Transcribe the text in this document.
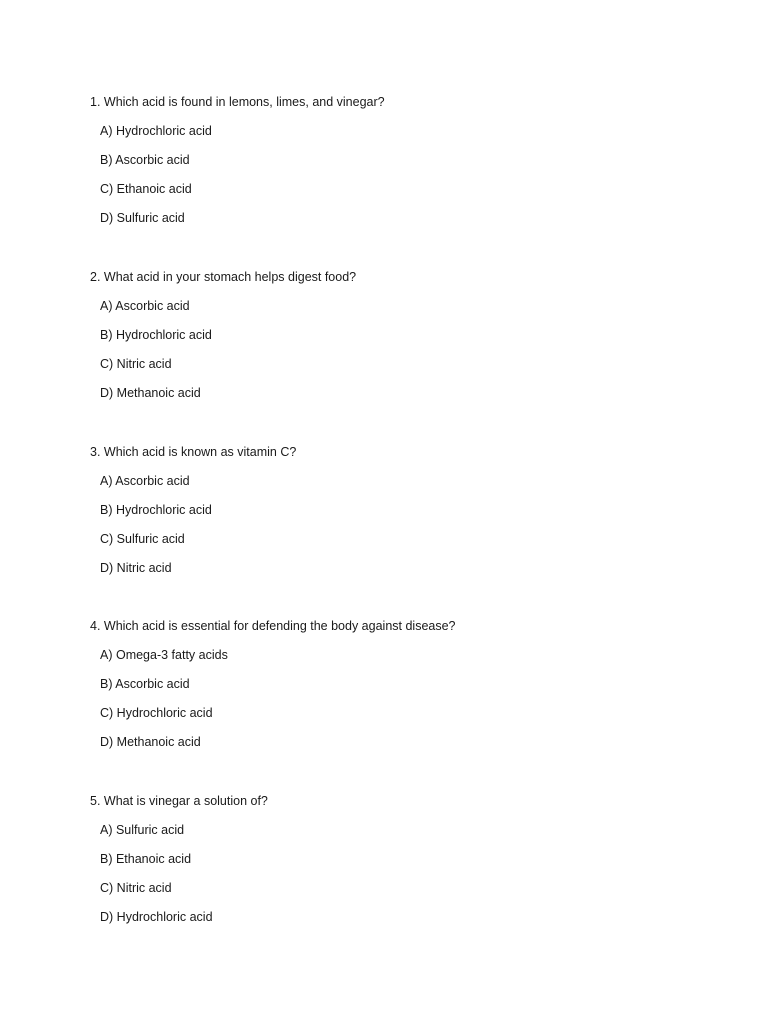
1. Which acid is found in lemons, limes, and vinegar?
A) Hydrochloric acid
B) Ascorbic acid
C) Ethanoic acid
D) Sulfuric acid
2. What acid in your stomach helps digest food?
A) Ascorbic acid
B) Hydrochloric acid
C) Nitric acid
D) Methanoic acid
3. Which acid is known as vitamin C?
A) Ascorbic acid
B) Hydrochloric acid
C) Sulfuric acid
D) Nitric acid
4. Which acid is essential for defending the body against disease?
A) Omega-3 fatty acids
B) Ascorbic acid
C) Hydrochloric acid
D) Methanoic acid
5. What is vinegar a solution of?
A) Sulfuric acid
B) Ethanoic acid
C) Nitric acid
D) Hydrochloric acid
